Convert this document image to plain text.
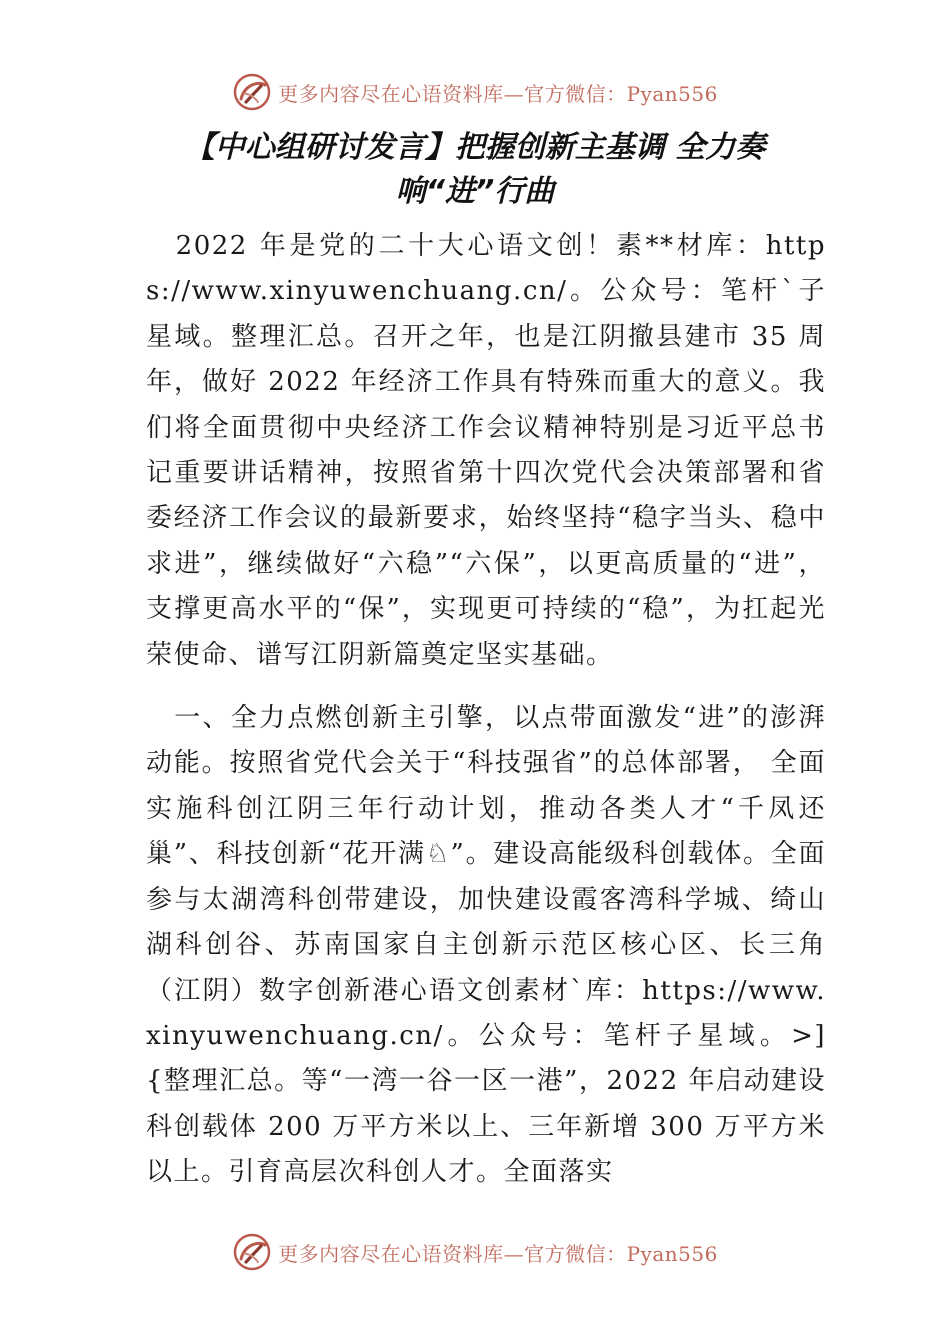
更多内容尽在心语资料库—官方微信：Pyan556
【中心组研讨发言】把握创新主基调 全力奏响“进”行曲

　2022 年是党的二十大心语文创！素**材库：https://www.xinyuwenchuang.cn/。公众号：笔杆`子星域。整理汇总。召开之年，也是江阴撤县建市 35 周年，做好 2022 年经济工作具有特殊而重大的意义。我们将全面贯彻中央经济工作会议精神特别是习近平总书记重要讲话精神，按照省第十四次党代会决策部署和省委经济工作会议的最新要求，始终坚持“稳字当头、稳中求进”，继续做好“六稳”“六保”，以更高质量的“进”，支撑更高水平的“保”，实现更可持续的“稳”，为扛起光荣使命、谱写江阴新篇奠定坚实基础。

　一、全力点燃创新主引擎，以点带面激发“进”的澎湃动能。按照省党代会关于“科技强省”的总体部署， 全面实施科创江阴三年行动计划，推动各类人才“千凤还巢”、科技创新“花开满♘”。建设高能级科创载体。全面参与太湖湾科创带建设，加快建设霞客湾科学城、绮山湖科创谷、苏南国家自主创新示范区核心区、长三角（江阴）数字创新港心语文创素材`库：https://www.xinyuwenchuang.cn/。公众号：笔杆子星域。>]{整理汇总。等“一湾一谷一区一港”，2022 年启动建设科创载体 200 万平方米以上、三年新增 300 万平方米以上。引育高层次科创人才。全面落实

更多内容尽在心语资料库—官方微信：Pyan556
